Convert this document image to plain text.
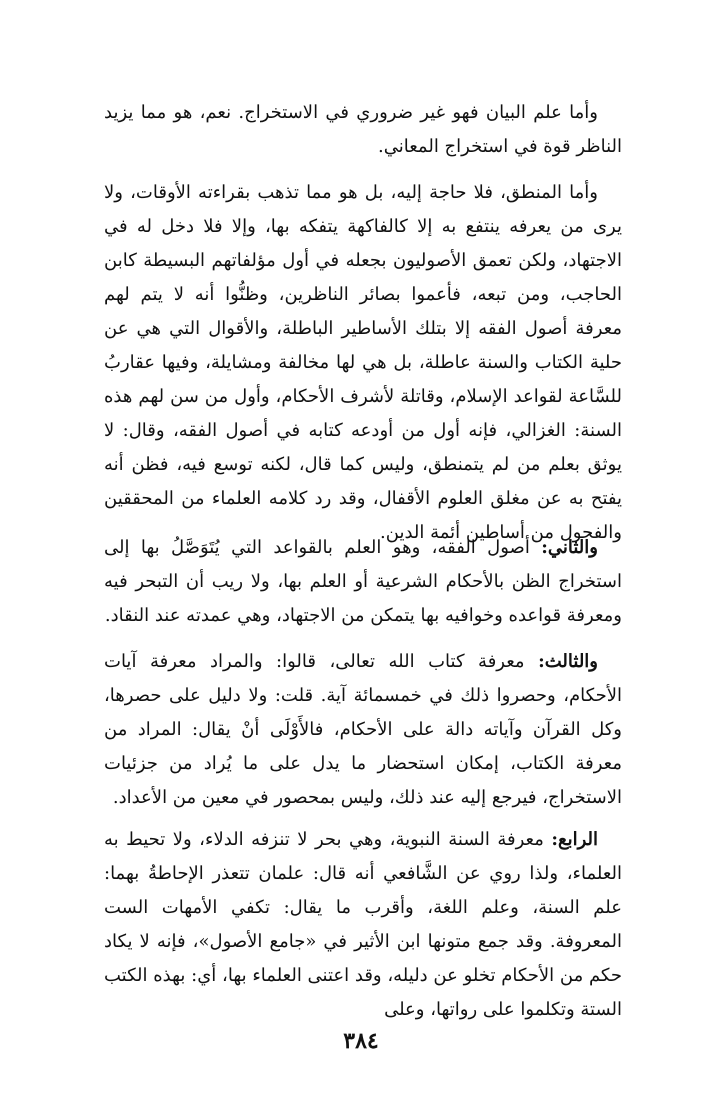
وأما علم البيان فهو غير ضروري في الاستخراج. نعم، هو مما يزيد الناظر قوة في استخراج المعاني.

وأما المنطق، فلا حاجة إليه، بل هو مما تذهب بقراءته الأوقات، ولا يرى من يعرفه ينتفع به إلا كالفاكهة يتفكه بها، وإلا فلا دخل له في الاجتهاد، ولكن تعمق الأصوليون بجعله في أول مؤلفاتهم البسيطة كابن الحاجب، ومن تبعه، فأعموا بصائر الناظرين، وظنُّوا أنه لا يتم لهم معرفة أصول الفقه إلا بتلك الأساطير الباطلة، والأقوال التي هي عن حلية الكتاب والسنة عاطلة، بل هي لها مخالفة ومشايلة، وفيها عقاربُ للسَّاعة لقواعد الإسلام، وقاتلة لأشرف الأحكام، وأول من سن لهم هذه السنة: الغزالي، فإنه أول من أودعه كتابه في أصول الفقه، وقال: لا يوثق بعلم من لم يتمنطق، وليس كما قال، لكنه توسع فيه، فظن أنه يفتح به عن مغلق العلوم الأقفال، وقد رد كلامه العلماء من المحققين والفحول من أساطين أئمة الدين.

والثاني: أصول الفقه، وهو العلم بالقواعد التي يُتَوَصَّلُ بها إلى استخراج الظن بالأحكام الشرعية أو العلم بها، ولا ريب أن التبحر فيه ومعرفة قواعده وخوافيه بها يتمكن من الاجتهاد، وهي عمدته عند النقاد.

والثالث: معرفة كتاب الله تعالى، قالوا: والمراد معرفة آيات الأحكام، وحصروا ذلك في خمسمائة آية. قلت: ولا دليل على حصرها، وكل القرآن وآياته دالة على الأحكام، فالأَوْلَى أنْ يقال: المراد من معرفة الكتاب، إمكان استحضار ما يدل على ما يُراد من جزئيات الاستخراج، فيرجع إليه عند ذلك، وليس بمحصور في معين من الأعداد.

الرابع: معرفة السنة النبوية، وهي بحر لا تنزفه الدلاء، ولا تحيط به العلماء، ولذا روي عن الشَّافعي أنه قال: علمان تتعذر الإحاطةُ بهما: علم السنة، وعلم اللغة، وأقرب ما يقال: تكفي الأمهات الست المعروفة. وقد جمع متونها ابن الأثير في «جامع الأصول»، فإنه لا يكاد حكم من الأحكام تخلو عن دليله، وقد اعتنى العلماء بها، أي: بهذه الكتب الستة وتكلموا على رواتها، وعلى

٣٨٤
